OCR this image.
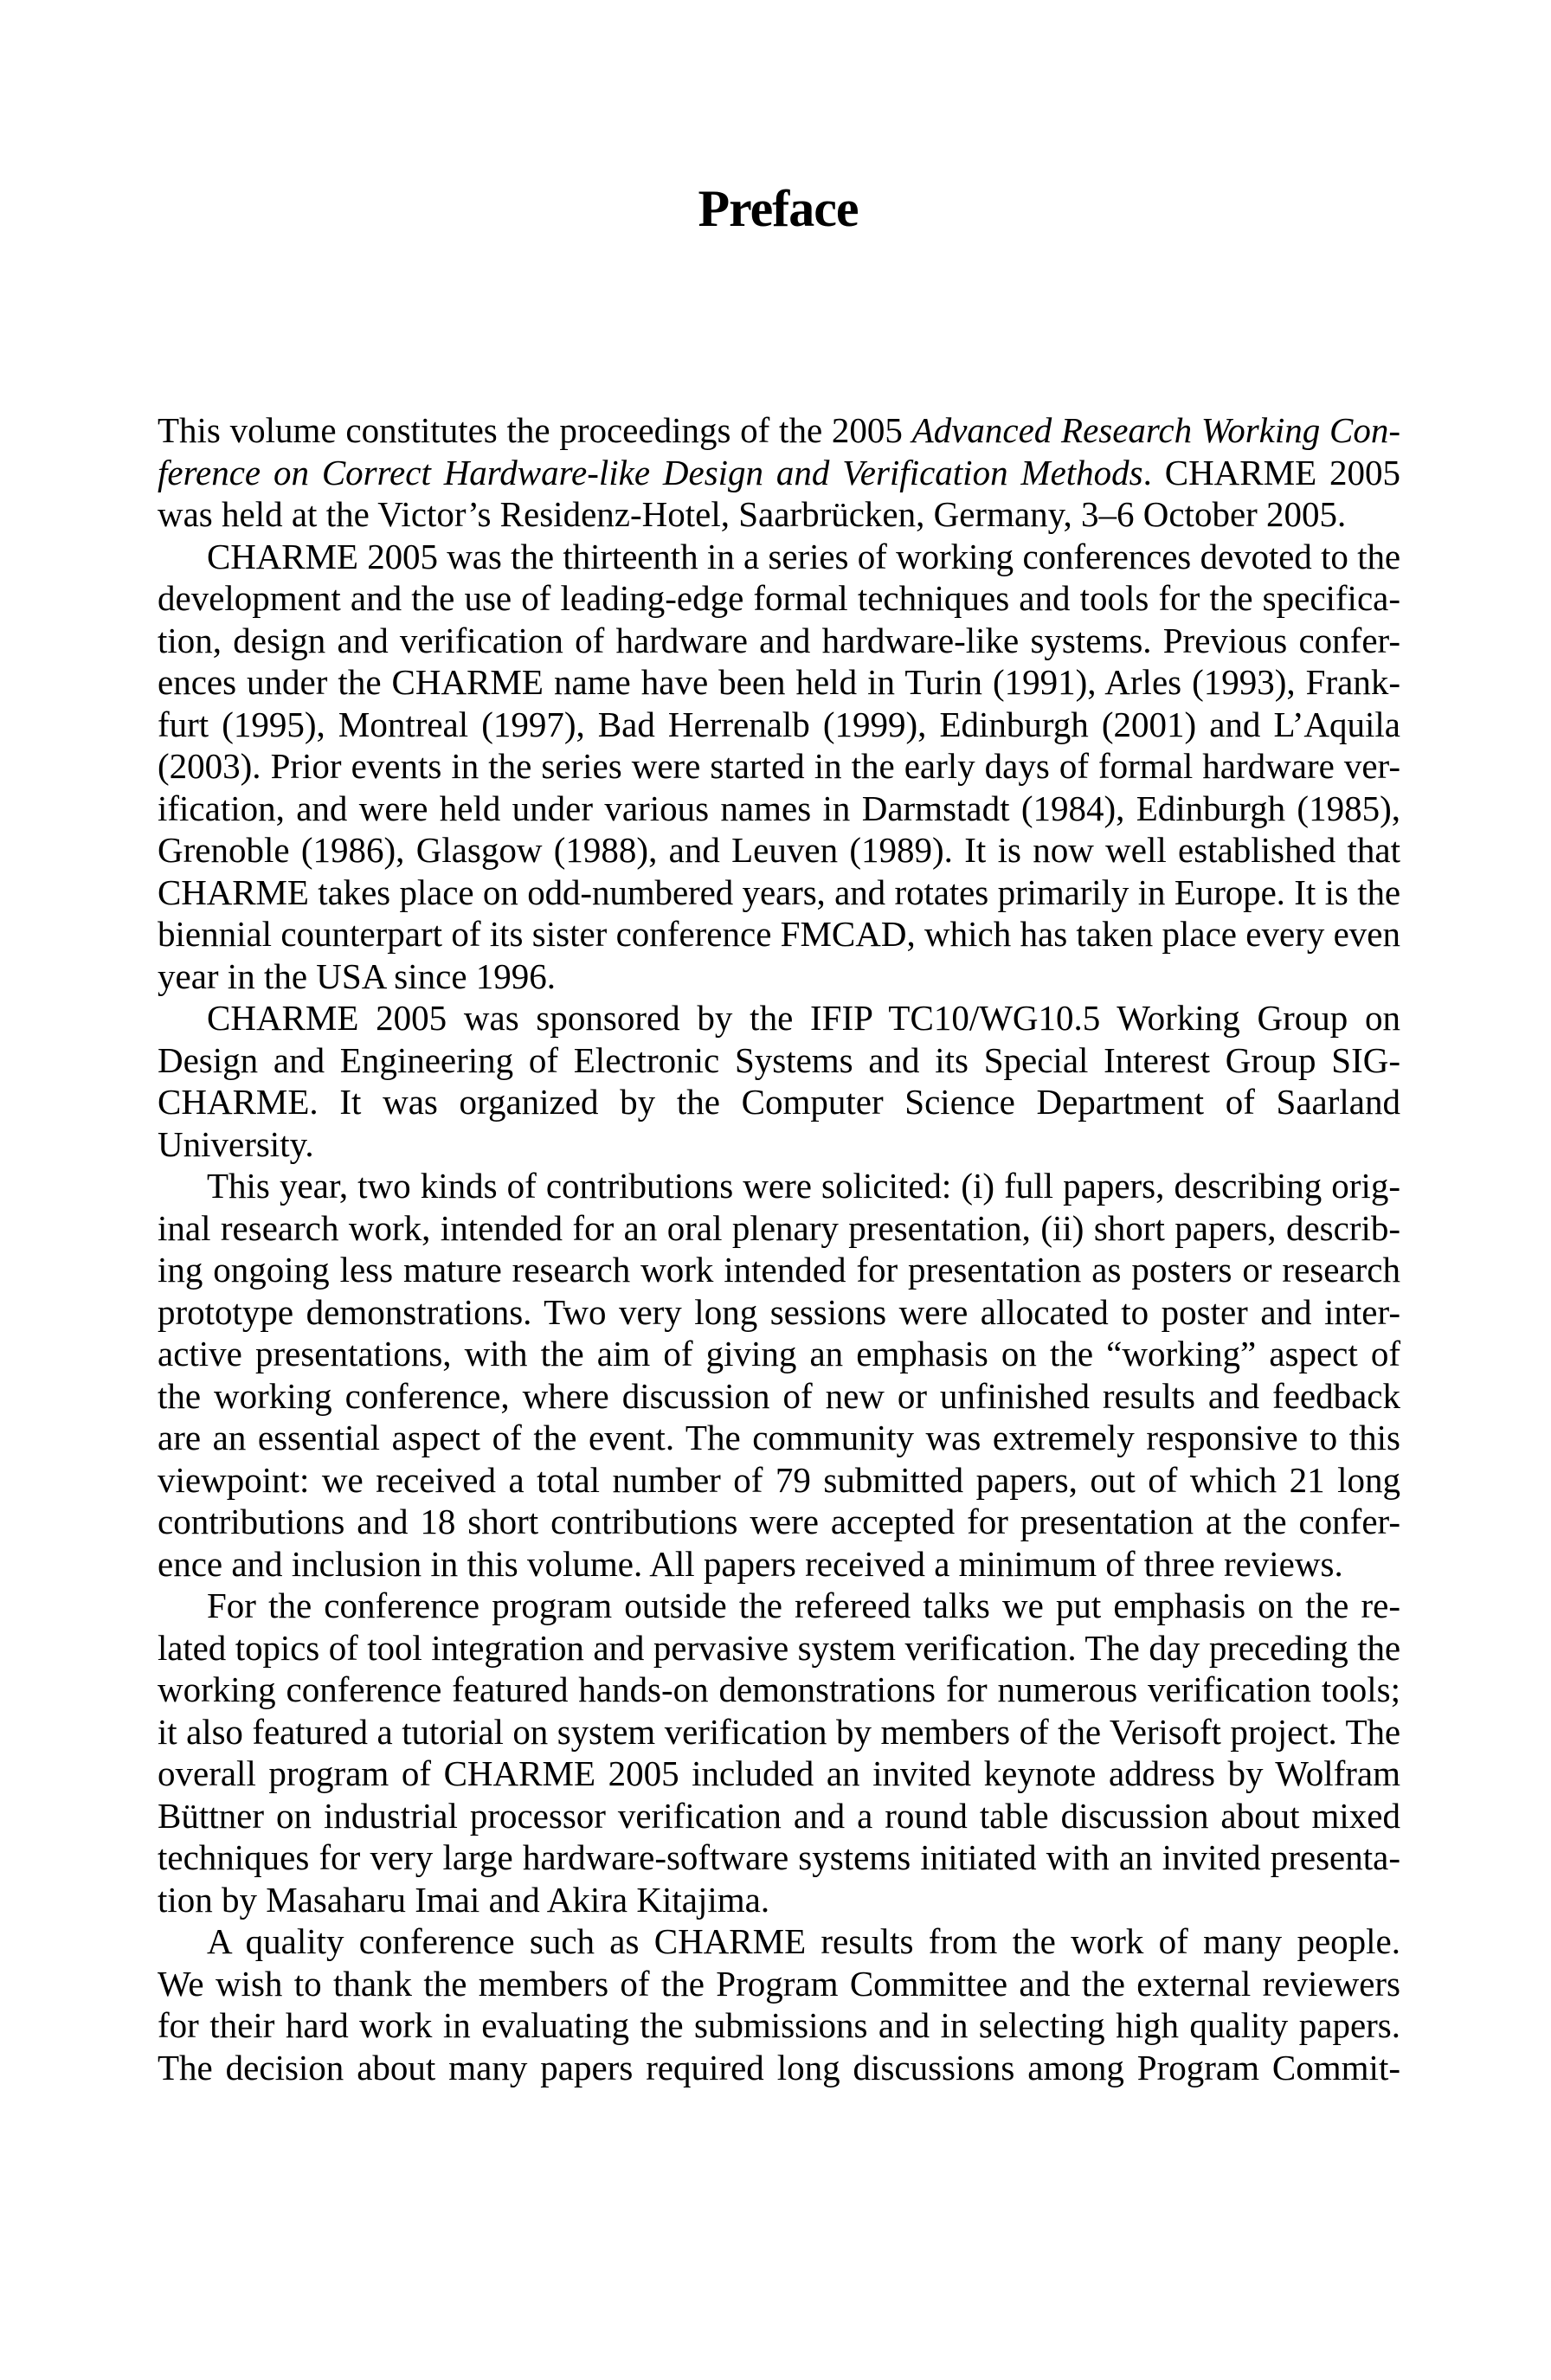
Preface
This volume constitutes the proceedings of the 2005 Advanced Research Working Con-
ference on Correct Hardware-like Design and Verification Methods. CHARME 2005
was held at the Victor’s Residenz-Hotel, Saarbrücken, Germany, 3–6 October 2005.
CHARME 2005 was the thirteenth in a series of working conferences devoted to the
development and the use of leading-edge formal techniques and tools for the specifica-
tion, design and verification of hardware and hardware-like systems. Previous confer-
ences under the CHARME name have been held in Turin (1991), Arles (1993), Frank-
furt (1995), Montreal (1997), Bad Herrenalb (1999), Edinburgh (2001) and L’Aquila
(2003). Prior events in the series were started in the early days of formal hardware ver-
ification, and were held under various names in Darmstadt (1984), Edinburgh (1985),
Grenoble (1986), Glasgow (1988), and Leuven (1989). It is now well established that
CHARME takes place on odd-numbered years, and rotates primarily in Europe. It is the
biennial counterpart of its sister conference FMCAD, which has taken place every even
year in the USA since 1996.
CHARME 2005 was sponsored by the IFIP TC10/WG10.5 Working Group on
Design and Engineering of Electronic Systems and its Special Interest Group SIG-
CHARME. It was organized by the Computer Science Department of Saarland
University.
This year, two kinds of contributions were solicited: (i) full papers, describing orig-
inal research work, intended for an oral plenary presentation, (ii) short papers, describ-
ing ongoing less mature research work intended for presentation as posters or research
prototype demonstrations. Two very long sessions were allocated to poster and inter-
active presentations, with the aim of giving an emphasis on the “working” aspect of
the working conference, where discussion of new or unfinished results and feedback
are an essential aspect of the event. The community was extremely responsive to this
viewpoint: we received a total number of 79 submitted papers, out of which 21 long
contributions and 18 short contributions were accepted for presentation at the confer-
ence and inclusion in this volume. All papers received a minimum of three reviews.
For the conference program outside the refereed talks we put emphasis on the re-
lated topics of tool integration and pervasive system verification. The day preceding the
working conference featured hands-on demonstrations for numerous verification tools;
it also featured a tutorial on system verification by members of the Verisoft project. The
overall program of CHARME 2005 included an invited keynote address by Wolfram
Büttner on industrial processor verification and a round table discussion about mixed
techniques for very large hardware-software systems initiated with an invited presenta-
tion by Masaharu Imai and Akira Kitajima.
A quality conference such as CHARME results from the work of many people.
We wish to thank the members of the Program Committee and the external reviewers
for their hard work in evaluating the submissions and in selecting high quality papers.
The decision about many papers required long discussions among Program Commit-
